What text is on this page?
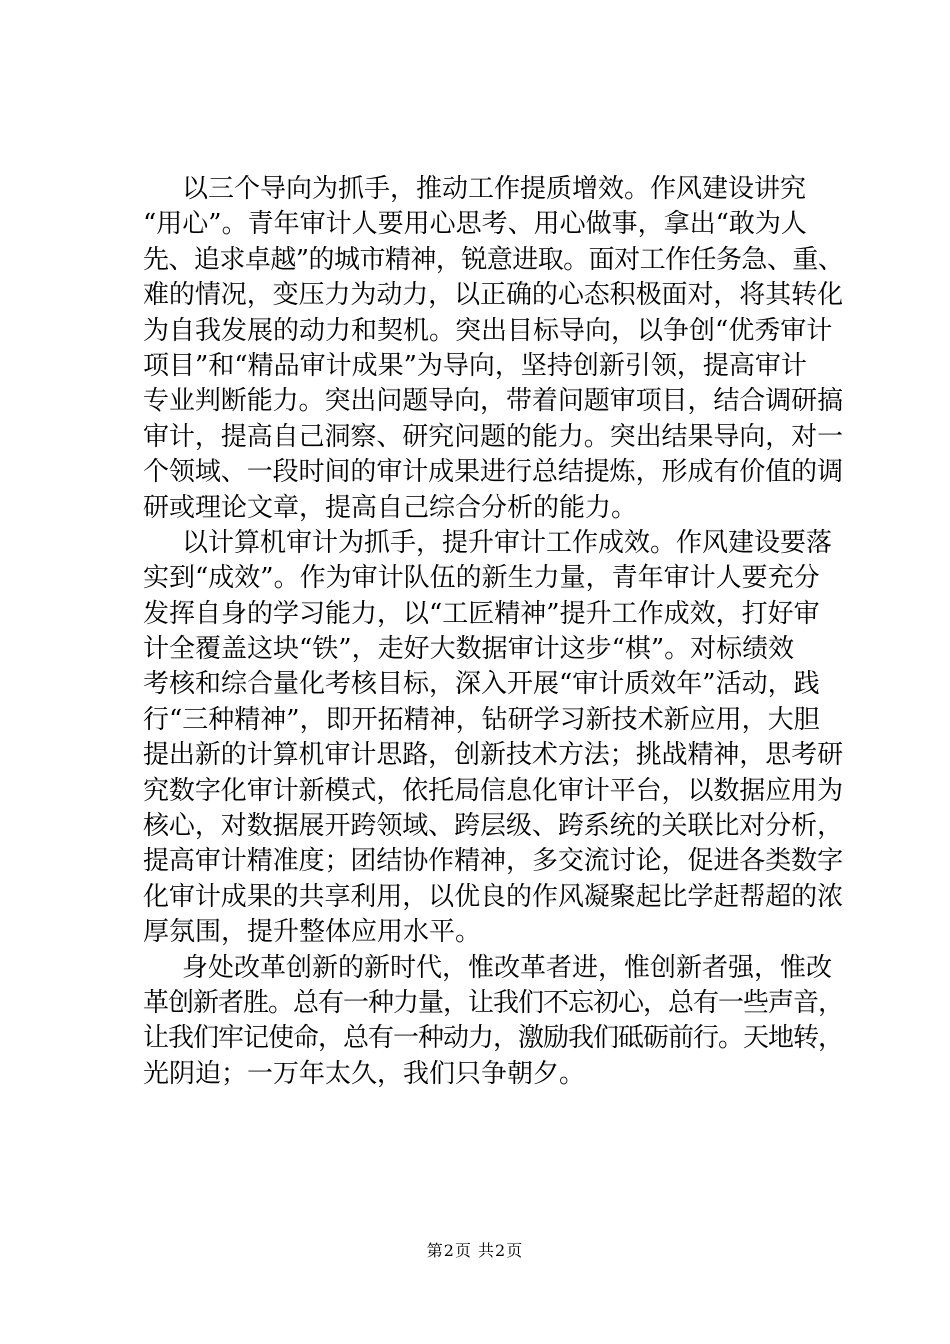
以三个导向为抓手，推动工作提质增效。作风建设讲究
“用心”。青年审计人要用心思考、用心做事，拿出“敢为人
先、追求卓越”的城市精神，锐意进取。面对工作任务急、重、
难的情况，变压力为动力，以正确的心态积极面对，将其转化
为自我发展的动力和契机。突出目标导向，以争创“优秀审计
项目”和“精品审计成果”为导向，坚持创新引领，提高审计
专业判断能力。突出问题导向，带着问题审项目，结合调研搞
审计，提高自己洞察、研究问题的能力。突出结果导向，对一
个领域、一段时间的审计成果进行总结提炼，形成有价值的调
研或理论文章，提高自己综合分析的能力。
以计算机审计为抓手，提升审计工作成效。作风建设要落
实到“成效”。作为审计队伍的新生力量，青年审计人要充分
发挥自身的学习能力，以“工匠精神”提升工作成效，打好审
计全覆盖这块“铁”，走好大数据审计这步“棋”。对标绩效
考核和综合量化考核目标，深入开展“审计质效年”活动，践
行“三种精神”，即开拓精神，钻研学习新技术新应用，大胆
提出新的计算机审计思路，创新技术方法；挑战精神，思考研
究数字化审计新模式，依托局信息化审计平台，以数据应用为
核心，对数据展开跨领域、跨层级、跨系统的关联比对分析，
提高审计精准度；团结协作精神，多交流讨论，促进各类数字
化审计成果的共享利用，以优良的作风凝聚起比学赶帮超的浓
厚氛围，提升整体应用水平。
身处改革创新的新时代，惟改革者进，惟创新者强，惟改
革创新者胜。总有一种力量，让我们不忘初心，总有一些声音，
让我们牢记使命，总有一种动力，激励我们砥砺前行。天地转，
光阴迫；一万年太久，我们只争朝夕。
第2页 共2页
